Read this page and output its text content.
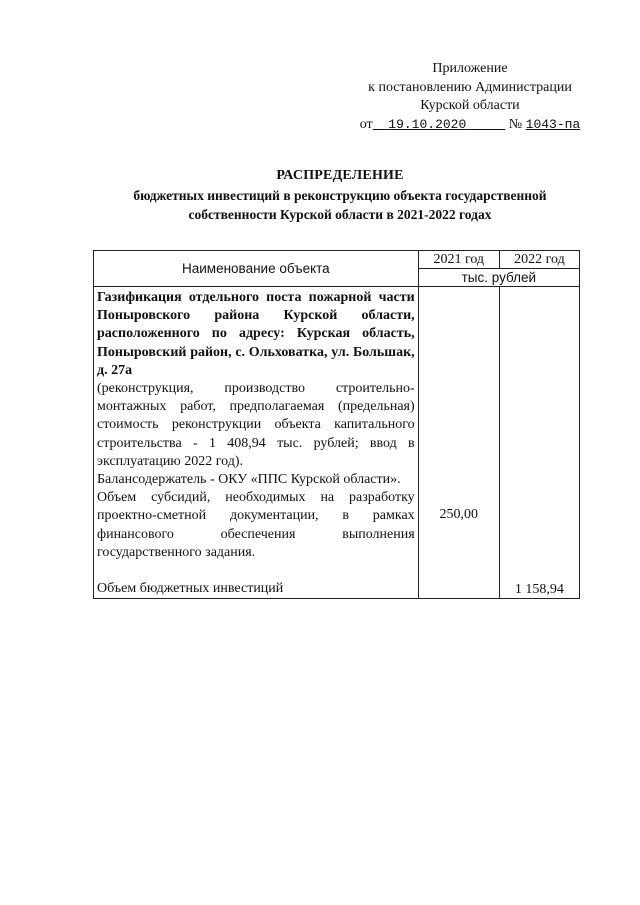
Приложение
к постановлению Администрации
Курской области
от 19.10.2020	№ 1043-па
РАСПРЕДЕЛЕНИЕ
бюджетных инвестиций в реконструкцию объекта государственной
собственности Курской области в 2021-2022 годах
Наименование объекта	2021 год	2022 год
	тыс. рублей	

Газификация отдельного поста пожарной части Поныровского района Курской области, расположенного по адресу: Курская область, Поныровский район, с. Ольховатка, ул. Большак, д. 27а

(реконструкция, производство строительно-монтажных работ, предполагаемая (предельная) стоимость реконструкции объекта капитального строительства - 1 408,94 тыс. рублей; ввод в эксплуатацию 2022 год).

Балансодержатель - ОКУ «ППС Курской области».

Объем субсидий, необходимых на разработку проектно-сметной документации, в рамках финансового обеспечения выполнения государственного задания.

Объем бюджетных инвестиций	250,00	1 158,94
